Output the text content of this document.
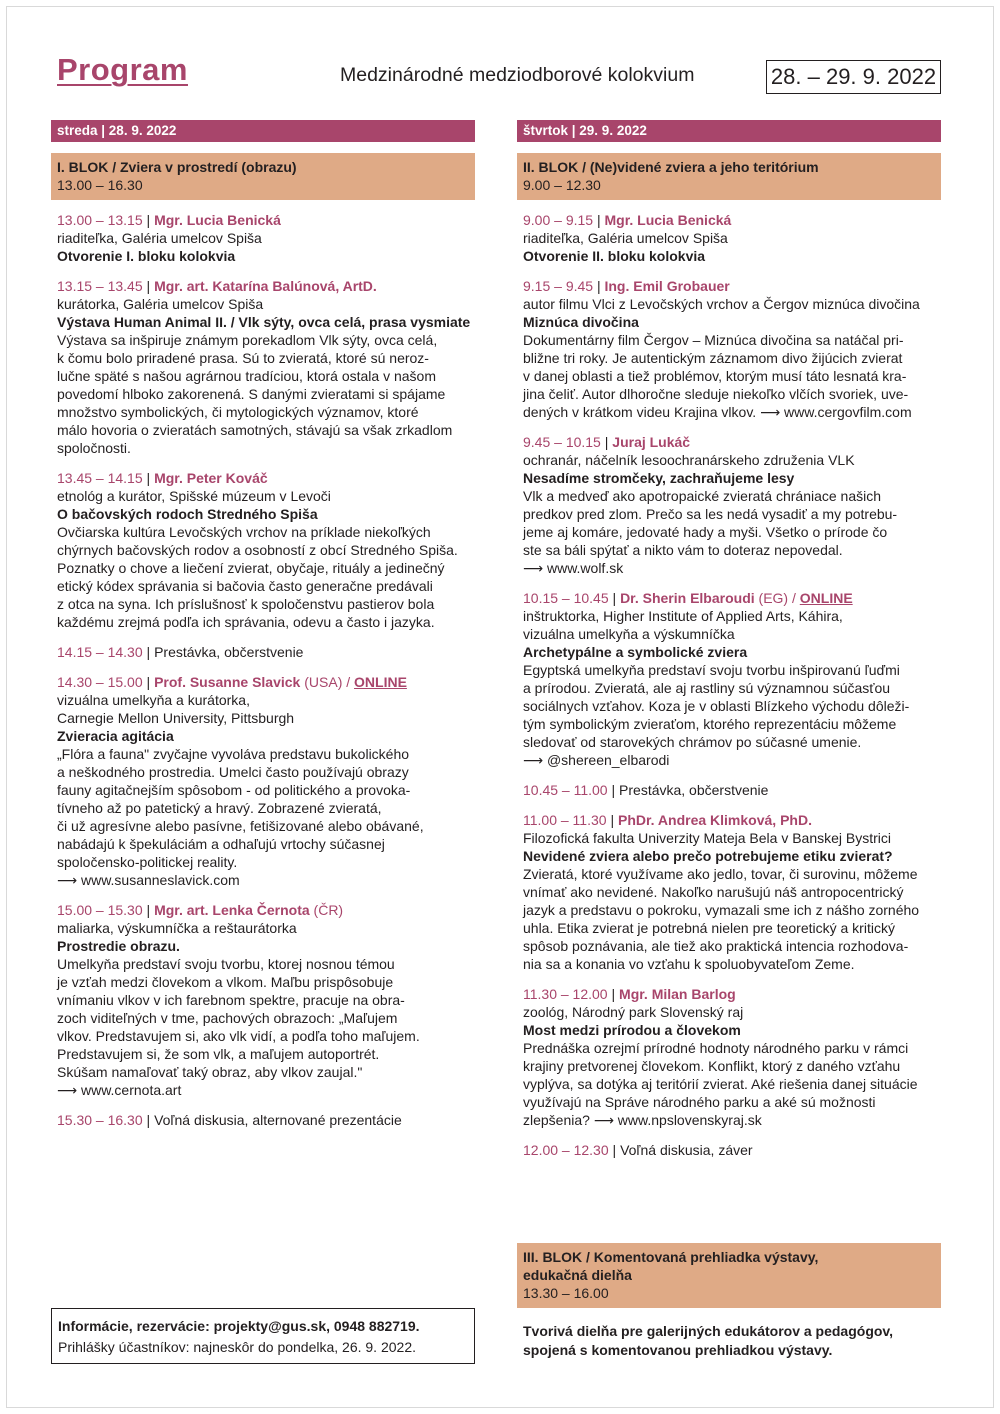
Program	Medzinárodné medziodborové kolokvium	28. – 29. 9. 2022
streda | 28. 9. 2022
I. BLOK / Zviera v prostredí (obrazu)
13.00 – 16.30
13.00 – 13.15 | Mgr. Lucia Benická
riaditeľka, Galéria umelcov Spiša
Otvorenie I. bloku kolokvia
13.15 – 13.45 | Mgr. art. Katarína Balúnová, ArtD.
kurátorka, Galéria umelcov Spiša
Výstava Human Animal II. / Vlk sýty, ovca celá, prasa vysmiate
Výstava sa inšpiruje známym porekadlom Vlk sýty, ovca celá,
k čomu bolo priradené prasa. Sú to zvieratá, ktoré sú neroz-
lučne späté s našou agrárnou tradíciou, ktorá ostala v našom
povedomí hlboko zakorenená. S danými zvieratami si spájame
množstvo symbolických, či mytologických významov, ktoré
málo hovoria o zvieratách samotných, stávajú sa však zrkadlom
spoločnosti.
13.45 – 14.15 | Mgr. Peter Kováč
etnológ a kurátor, Spišské múzeum v Levoči
O bačovských rodoch Stredného Spiša
Ovčiarska kultúra Levočských vrchov na príklade niekoľkých
chýrnych bačovských rodov a osobností z obcí Stredného Spiša.
Poznatky o chove a liečení zvierat, obyčaje, rituály a jedinečný
etický kódex správania si bačovia často generačne predávali
z otca na syna. Ich príslušnosť k spoločenstvu pastierov bola
každému zrejmá podľa ich správania, odevu a často i jazyka.
14.15 – 14.30 | Prestávka, občerstvenie
14.30 – 15.00 | Prof. Susanne Slavick (USA) / ONLINE
vizuálna umelkyňa a kurátorka,
Carnegie Mellon University, Pittsburgh
Zvieracia agitácia
„Flóra a fauna" zvyčajne vyvoláva predstavu bukolického
a neškodného prostredia. Umelci často používajú obrazy
fauny agitačnejším spôsobom - od politického a provoka-
tívneho až po patetický a hravý. Zobrazené zvieratá,
či už agresívne alebo pasívne, fetišizované alebo obávané,
nabádajú k špekuláciám a odhaľujú vrtochy súčasnej
spoločensko-politickej reality.
⟶ www.susanneslavick.com
15.00 – 15.30 | Mgr. art. Lenka Černota (ČR)
maliarka, výskumníčka a reštaurátorka
Prostredie obrazu.
Umelkyňa predstaví svoju tvorbu, ktorej nosnou témou
je vzťah medzi človekom a vlkom. Maľbu prispôsobuje
vnímaniu vlkov v ich farebnom spektre, pracuje na obra-
zoch viditeľných v tme, pachových obrazoch: „Maľujem
vlkov. Predstavujem si, ako vlk vidí, a podľa toho maľujem.
Predstavujem si, že som vlk, a maľujem autoportrét.
Skúšam namaľovať taký obraz, aby vlkov zaujal."
⟶ www.cernota.art
15.30 – 16.30 | Voľná diskusia, alternované prezentácie
štvrtok | 29. 9. 2022
II. BLOK / (Ne)videné zviera a jeho teritórium
9.00 – 12.30
9.00 – 9.15 | Mgr. Lucia Benická
riaditeľka, Galéria umelcov Spiša
Otvorenie II. bloku kolokvia
9.15 – 9.45 | Ing. Emil Grobauer
autor filmu Vlci z Levočských vrchov a Čergov miznúca divočina
Miznúca divočina
Dokumentárny film Čergov – Miznúca divočina sa natáčal pri-
bližne tri roky. Je autentickým záznamom divo žijúcich zvierat
v danej oblasti a tiež problémov, ktorým musí táto lesnatá kra-
jina čeliť. Autor dlhoročne sleduje niekoľko vlčích svoriek, uve-
dených v krátkom videu Krajina vlkov. ⟶ www.cergovfilm.com
9.45 – 10.15 | Juraj Lukáč
ochranár, náčelník lesoochranárskeho združenia VLK
Nesadíme stromčeky, zachraňujeme lesy
Vlk a medveď ako apotropaické zvieratá chrániace našich
predkov pred zlom. Prečo sa les nedá vysadiť a my potrebu-
jeme aj komáre, jedovaté hady a myši. Všetko o prírode čo
ste sa báli spýtať a nikto vám to doteraz nepovedal.
⟶ www.wolf.sk
10.15 – 10.45 | Dr. Sherin Elbaroudi (EG) / ONLINE
inštruktorka, Higher Institute of Applied Arts, Káhira,
vizuálna umelkyňa a výskumníčka
Archetypálne a symbolické zviera
Egyptská umelkyňa predstaví svoju tvorbu inšpirovanú ľuďmi
a prírodou. Zvieratá, ale aj rastliny sú významnou súčasťou
sociálnych vzťahov. Koza je v oblasti Blízkeho východu dôleži-
tým symbolickým zvieraťom, ktorého reprezentáciu môžeme
sledovať od starovekých chrámov po súčasné umenie.
⟶ @shereen_elbarodi
10.45 – 11.00 | Prestávka, občerstvenie
11.00 – 11.30 | PhDr. Andrea Klimková, PhD.
Filozofická fakulta Univerzity Mateja Bela v Banskej Bystrici
Nevidené zviera alebo prečo potrebujeme etiku zvierat?
Zvieratá, ktoré využívame ako jedlo, tovar, či surovinu, môžeme
vnímať ako nevidené. Nakoľko narušujú náš antropocentrický
jazyk a predstavu o pokroku, vymazali sme ich z nášho zorného
uhla. Etika zvierat je potrebná nielen pre teoretický a kritický
spôsob poznávania, ale tiež ako praktická intencia rozhodova-
nia sa a konania vo vzťahu k spoluobyvateľom Zeme.
11.30 – 12.00 | Mgr. Milan Barlog
zoológ, Národný park Slovenský raj
Most medzi prírodou a človekom
Prednáška ozrejmí prírodné hodnoty národného parku v rámci
krajiny pretvorenej človekom. Konflikt, ktorý z daného vzťahu
vyplýva, sa dotýka aj teritórií zvierat. Aké riešenia danej situácie
využívajú na Správe národného parku a aké sú možnosti
zlepšenia? ⟶ www.npslovenskyraj.sk
12.00 – 12.30 | Voľná diskusia, záver
III. BLOK / Komentovaná prehliadka výstavy,
edukačná dielňa
13.30 – 16.00
Tvorivá dielňa pre galerijných edukátorov a pedagógov,
spojená s komentovanou prehliadkou výstavy.
Informácie, rezervácie: projekty@gus.sk, 0948 882719.
Prihlášky účastníkov: najneskôr do pondelka, 26. 9. 2022.
